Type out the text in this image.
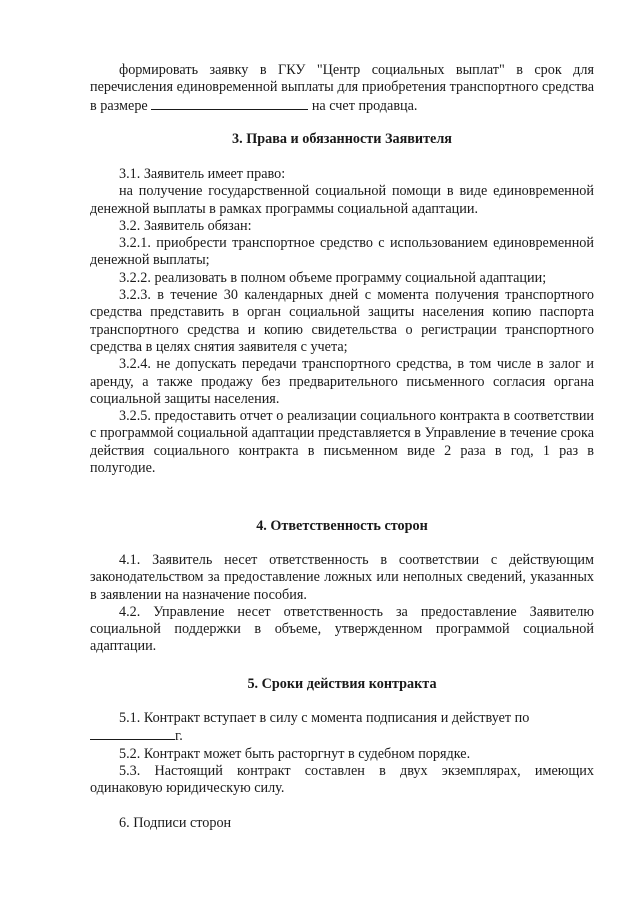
формировать заявку в ГКУ "Центр социальных выплат" в срок для перечисления единовременной выплаты для приобретения транспортного средства в размере	на счет продавца.

3. Права и обязанности Заявителя

3.1. Заявитель имеет право:

на получение государственной социальной помощи в виде единовременной денежной выплаты в рамках программы социальной адаптации.

3.2. Заявитель обязан:

3.2.1. приобрести транспортное средство с использованием единовременной денежной выплаты;

3.2.2. реализовать в полном объеме программу социальной адаптации;

3.2.3. в течение 30 календарных дней с момента получения транспортного средства представить в орган социальной защиты населения копию паспорта транспортного средства и копию свидетельства о регистрации транспортного средства в целях снятия заявителя с учета;

3.2.4. не допускать передачи транспортного средства, в том числе в залог и аренду, а также продажу без предварительного письменного согласия органа социальной защиты населения.

3.2.5. предоставить отчет о реализации социального контракта в соответствии с программой социальной адаптации представляется в Управление в течение срока действия социального контракта в письменном виде 2 раза в год, 1 раз в полугодие.

4. Ответственность сторон

4.1. Заявитель несет ответственность в соответствии с действующим законодательством за предоставление ложных или неполных сведений, указанных в заявлении на назначение пособия.

4.2. Управление несет ответственность за предоставление Заявителю социальной поддержки в объеме, утвержденном программой социальной адаптации.

5. Сроки действия контракта

5.1. Контракт вступает в силу с момента подписания и действует по

г.

5.2. Контракт может быть расторгнут в судебном порядке.

5.3. Настоящий контракт составлен в двух экземплярах, имеющих одинаковую юридическую силу.

6. Подписи сторон
